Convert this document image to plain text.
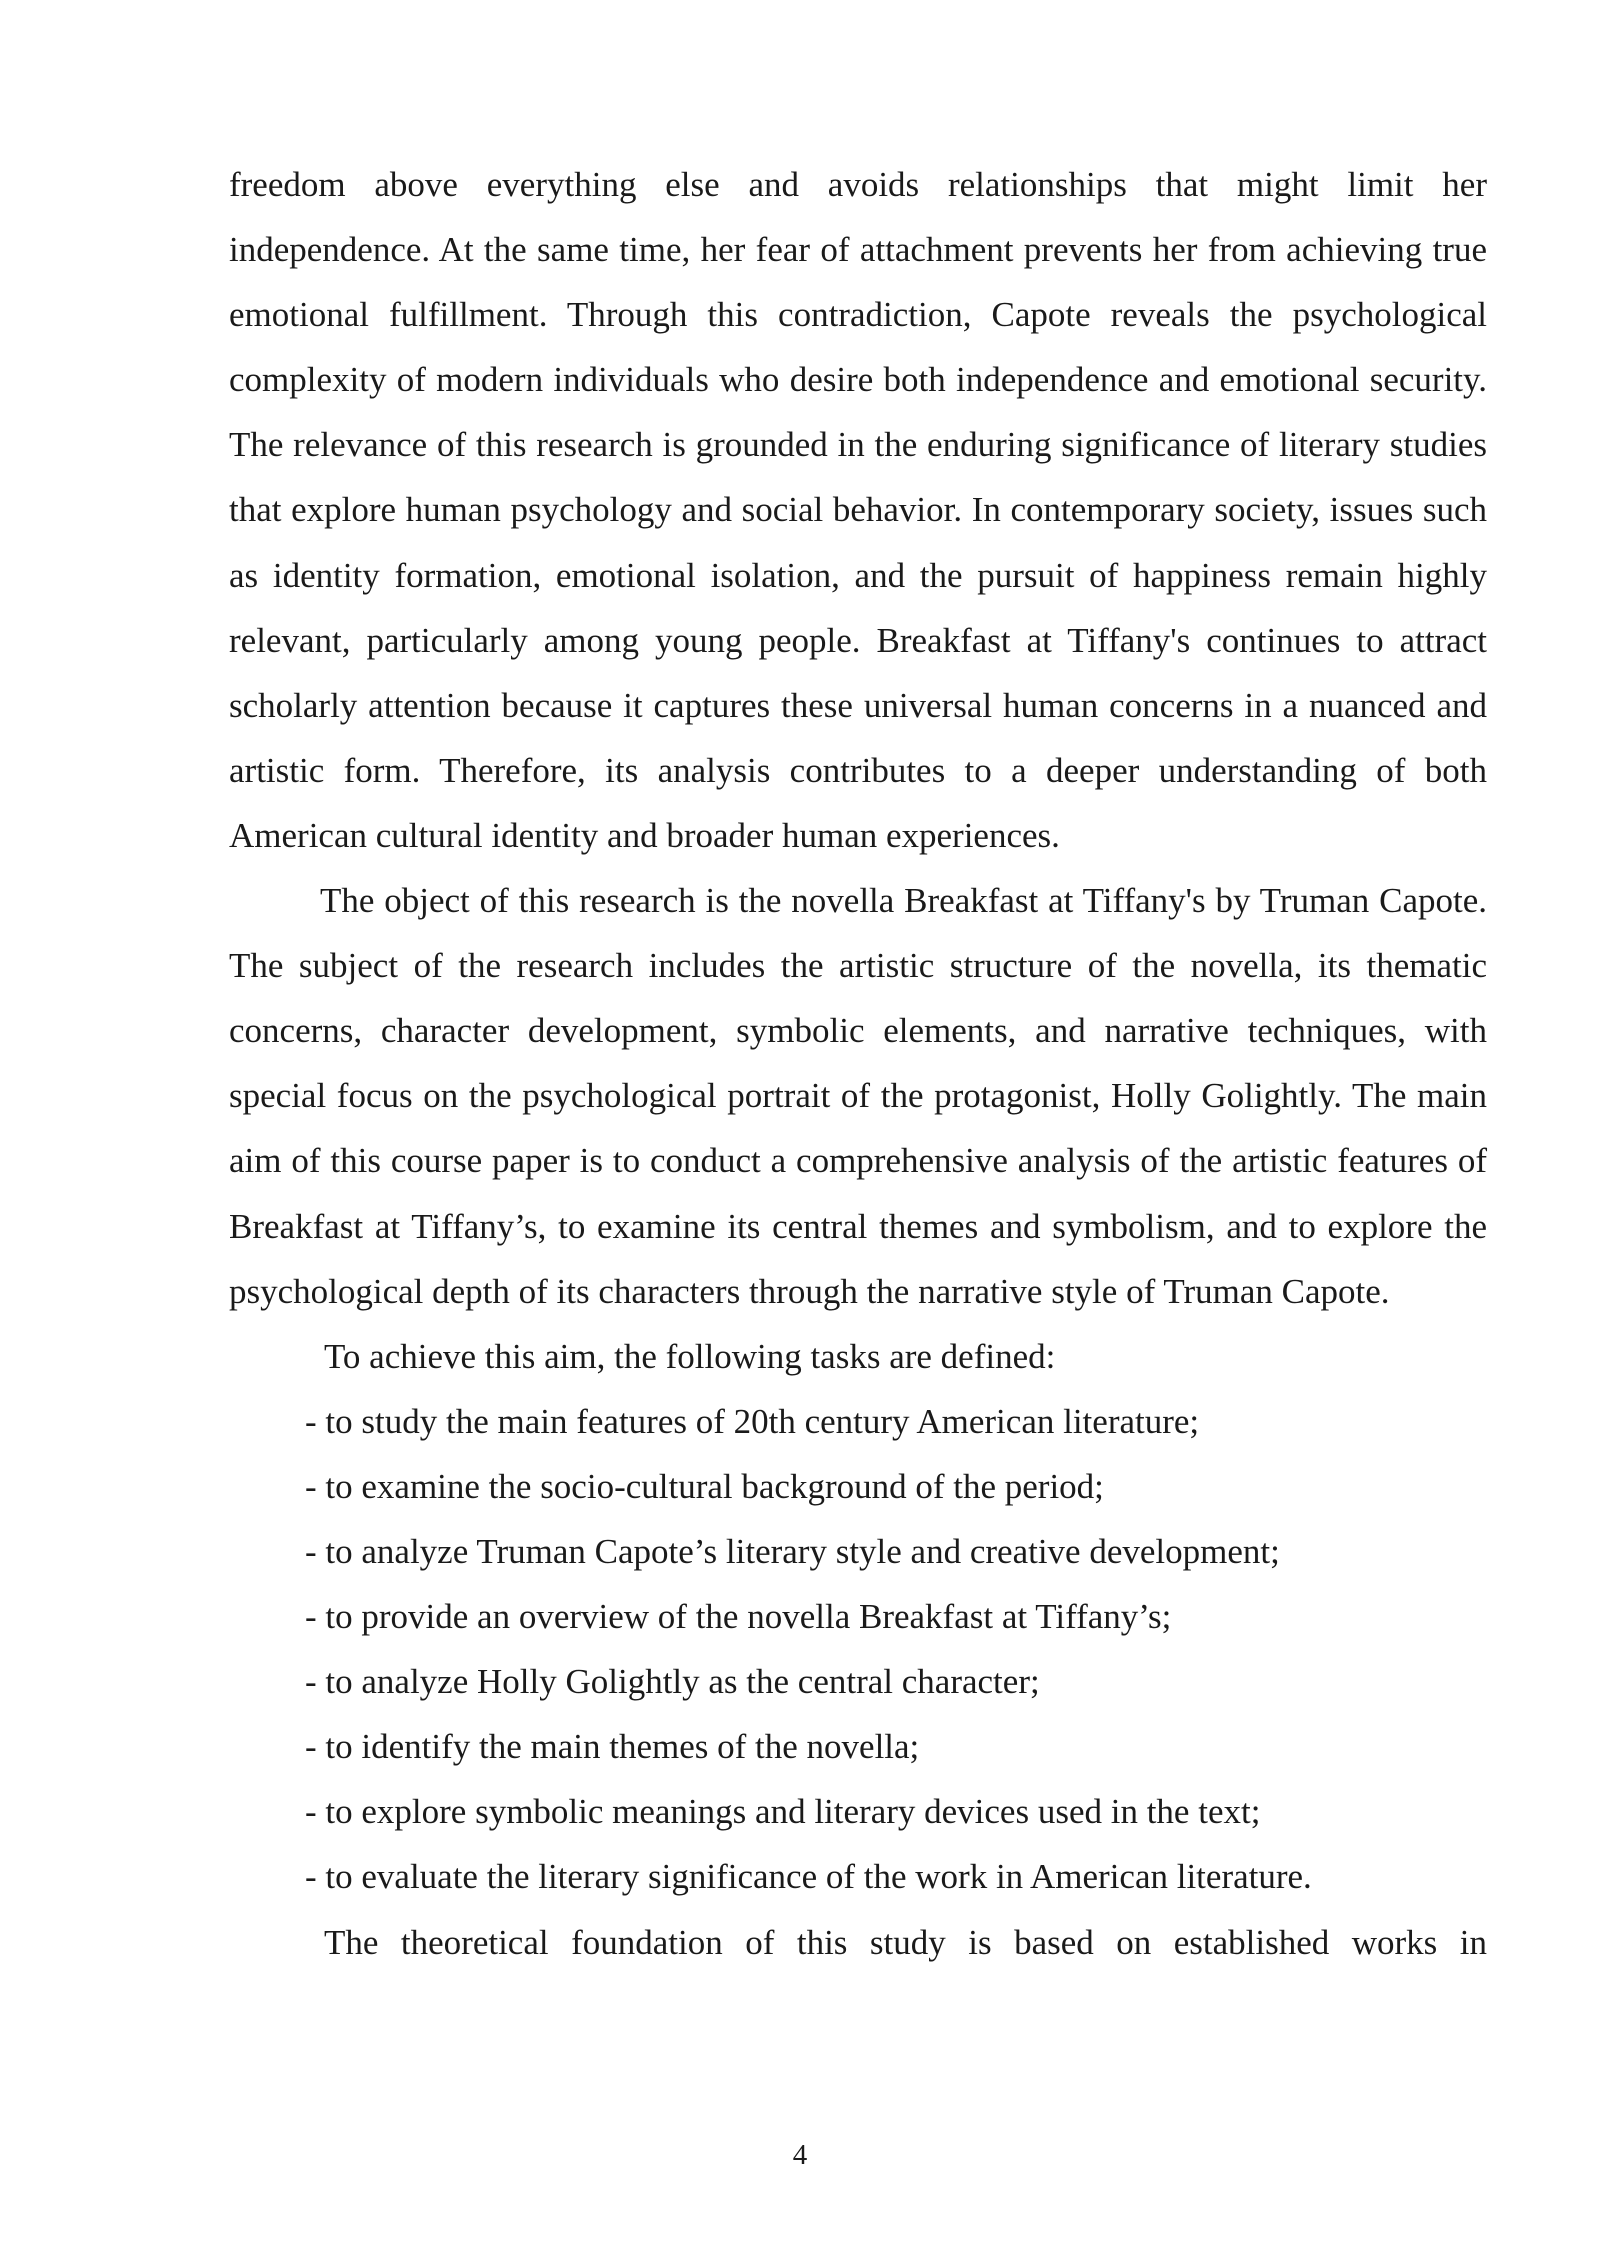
freedom above everything else and avoids relationships that might limit her independence. At the same time, her fear of attachment prevents her from achieving true emotional fulfillment. Through this contradiction, Capote reveals the psychological complexity of modern individuals who desire both independence and emotional security. The relevance of this research is grounded in the enduring significance of literary studies that explore human psychology and social behavior. In contemporary society, issues such as identity formation, emotional isolation, and the pursuit of happiness remain highly relevant, particularly among young people. Breakfast at Tiffany's continues to attract scholarly attention because it captures these universal human concerns in a nuanced and artistic form. Therefore, its analysis contributes to a deeper understanding of both American cultural identity and broader human experiences.

The object of this research is the novella Breakfast at Tiffany's by Truman Capote. The subject of the research includes the artistic structure of the novella, its thematic concerns, character development, symbolic elements, and narrative techniques, with special focus on the psychological portrait of the protagonist, Holly Golightly. The main aim of this course paper is to conduct a comprehensive analysis of the artistic features of Breakfast at Tiffany’s, to examine its central themes and symbolism, and to explore the psychological depth of its characters through the narrative style of Truman Capote.

To achieve this aim, the following tasks are defined:

- to study the main features of 20th century American literature;
- to examine the socio-cultural background of the period;
- to analyze Truman Capote’s literary style and creative development;
- to provide an overview of the novella Breakfast at Tiffany’s;
- to analyze Holly Golightly as the central character;
- to identify the main themes of the novella;
- to explore symbolic meanings and literary devices used in the text;
- to evaluate the literary significance of the work in American literature.

The theoretical foundation of this study is based on established works in

4
